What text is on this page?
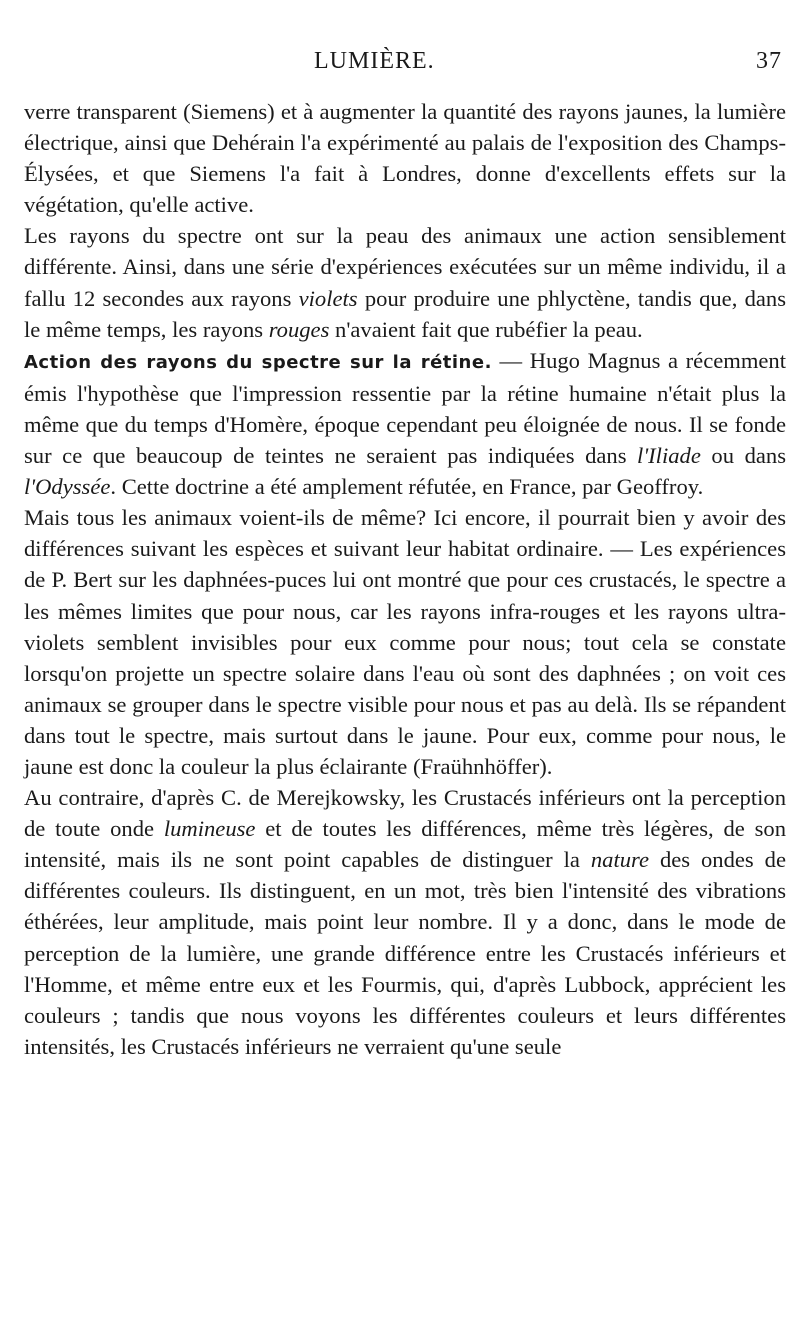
LUMIÈRE.	37

verre transparent (Siemens) et à augmenter la quantité des rayons jaunes, la lumière électrique, ainsi que Dehérain l'a expérimenté au palais de l'exposition des Champs-Élysées, et que Siemens l'a fait à Londres, donne d'excellents effets sur la végétation, qu'elle active.

Les rayons du spectre ont sur la peau des animaux une action sensiblement différente. Ainsi, dans une série d'expériences exécutées sur un même individu, il a fallu 12 secondes aux rayons violets pour produire une phlyctène, tandis que, dans le même temps, les rayons rouges n'avaient fait que rubéfier la peau.

Action des rayons du spectre sur la rétine. — Hugo Magnus a récemment émis l'hypothèse que l'impression ressentie par la rétine humaine n'était plus la même que du temps d'Homère, époque cependant peu éloignée de nous. Il se fonde sur ce que beaucoup de teintes ne seraient pas indiquées dans l'Iliade ou dans l'Odyssée. Cette doctrine a été amplement réfutée, en France, par Geoffroy.

Mais tous les animaux voient-ils de même? Ici encore, il pourrait bien y avoir des différences suivant les espèces et suivant leur habitat ordinaire. — Les expériences de P. Bert sur les daphnées-puces lui ont montré que pour ces crustacés, le spectre a les mêmes limites que pour nous, car les rayons infra-rouges et les rayons ultra-violets semblent invisibles pour eux comme pour nous; tout cela se constate lorsqu'on projette un spectre solaire dans l'eau où sont des daphnées ; on voit ces animaux se grouper dans le spectre visible pour nous et pas au delà. Ils se répandent dans tout le spectre, mais surtout dans le jaune. Pour eux, comme pour nous, le jaune est donc la couleur la plus éclairante (Fraühnhöffer).

Au contraire, d'après C. de Merejkowsky, les Crustacés inférieurs ont la perception de toute onde lumineuse et de toutes les différences, même très légères, de son intensité, mais ils ne sont point capables de distinguer la nature des ondes de différentes couleurs. Ils distinguent, en un mot, très bien l'intensité des vibrations éthérées, leur amplitude, mais point leur nombre. Il y a donc, dans le mode de perception de la lumière, une grande différence entre les Crustacés inférieurs et l'Homme, et même entre eux et les Fourmis, qui, d'après Lubbock, apprécient les couleurs ; tandis que nous voyons les différentes couleurs et leurs différentes intensités, les Crustacés inférieurs ne verraient qu'une seule
